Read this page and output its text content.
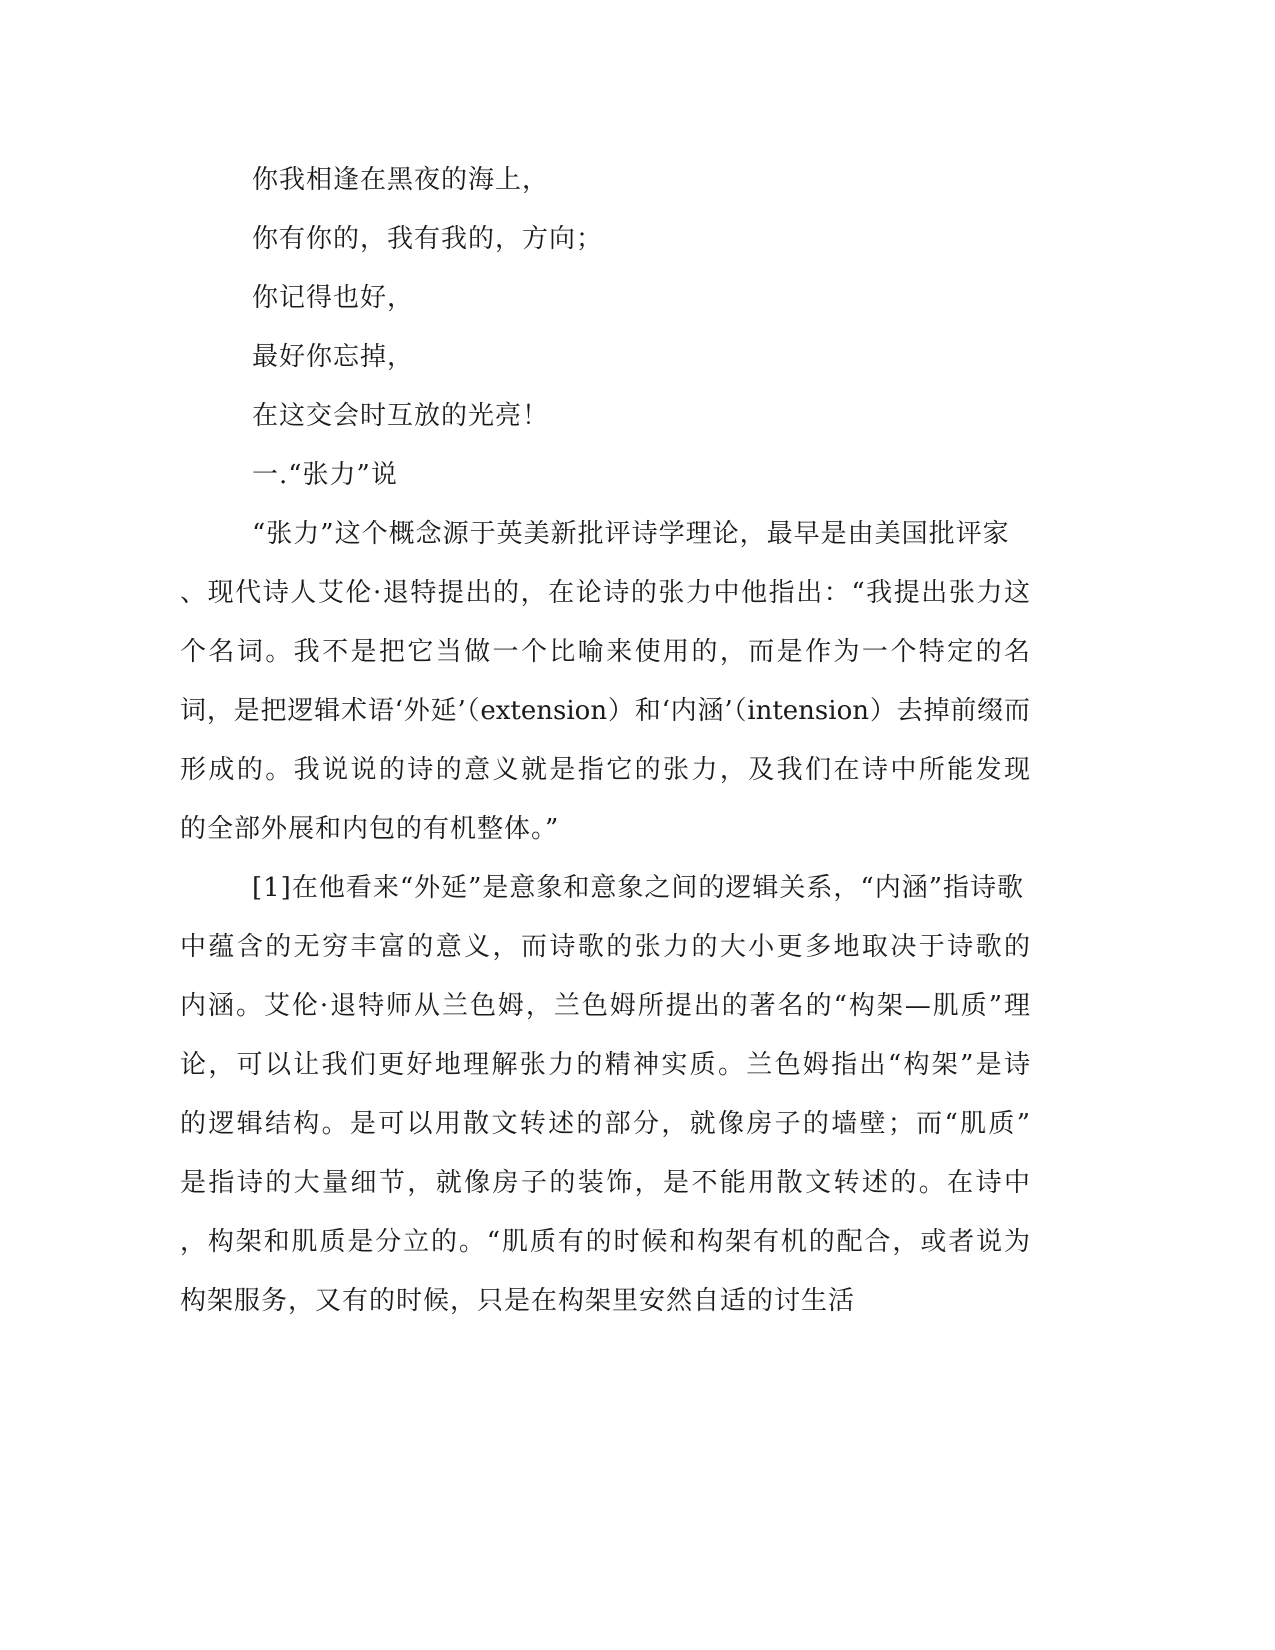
你我相逢在黑夜的海上，
你有你的，我有我的，方向；
你记得也好，
最好你忘掉，
在这交会时互放的光亮！
一.“张力”说
“张力”这个概念源于英美新批评诗学理论，最早是由美国批评家
、现代诗人艾伦·退特提出的，在论诗的张力中他指出：“我提出张力这
个名词。我不是把它当做一个比喻来使用的，而是作为一个特定的名
词，是把逻辑术语‘外延’（extension）和‘内涵’（intension）去掉前缀而
形成的。我说说的诗的意义就是指它的张力，及我们在诗中所能发现
的全部外展和内包的有机整体。”
[1]在他看来“外延”是意象和意象之间的逻辑关系，“内涵”指诗歌
中蕴含的无穷丰富的意义，而诗歌的张力的大小更多地取决于诗歌的
内涵。艾伦·退特师从兰色姆，兰色姆所提出的著名的“构架—肌质”理
论，可以让我们更好地理解张力的精神实质。兰色姆指出“构架”是诗
的逻辑结构。是可以用散文转述的部分，就像房子的墙壁；而“肌质”
是指诗的大量细节，就像房子的装饰，是不能用散文转述的。在诗中
，构架和肌质是分立的。“肌质有的时候和构架有机的配合，或者说为
构架服务，又有的时候，只是在构架里安然自适的讨生活
